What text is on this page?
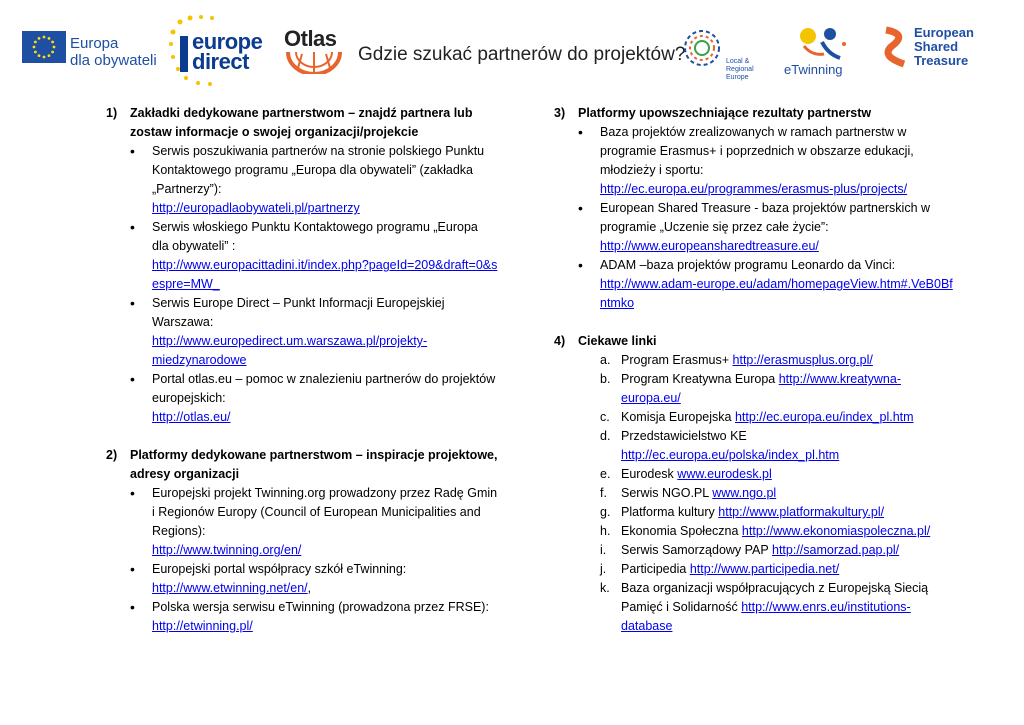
Europa
dla obywateli
europe
direct
Otlas
Gdzie szukać partnerów do projektów?	Local & Regional
Europe
eTwinning
European
Shared
Treasure
1) Zakładki dedykowane partnerstwom – znajdź partnera lub zostaw informacje o swojej organizacji/projekcie
• Serwis poszukiwania partnerów na stronie polskiego Punktu Kontaktowego programu „Europa dla obywateli” (zakładka „Partnerzy”):
http://europadlaobywateli.pl/partnerzy
• Serwis włoskiego Punktu Kontaktowego programu „Europa dla obywateli” :
http://www.europacittadini.it/index.php?pageId=209&draft=0&sespre=MW_
• Serwis Europe Direct – Punkt Informacji Europejskiej Warszawa:
http://www.europedirect.um.warszawa.pl/projekty-miedzynarodowe
• Portal otlas.eu – pomoc w znalezieniu partnerów do projektów europejskich:
http://otlas.eu/
2) Platformy dedykowane partnerstwom – inspiracje projektowe, adresy organizacji
• Europejski projekt Twinning.org prowadzony przez Radę Gmin i Regionów Europy (Council of European Municipalities and Regions):
http://www.twinning.org/en/
• Europejski portal współpracy szkół eTwinning:
http://www.etwinning.net/en/,
• Polska wersja serwisu eTwinning (prowadzona przez FRSE):
http://etwinning.pl/
3) Platformy upowszechniające rezultaty partnerstw
• Baza projektów zrealizowanych w ramach partnerstw w programie Erasmus+ i poprzednich w obszarze edukacji, młodzieży i sportu:
http://ec.europa.eu/programmes/erasmus-plus/projects/
• European Shared Treasure - baza projektów partnerskich w programie „Uczenie się przez całe życie”:
http://www.europeansharedtreasure.eu/
• ADAM –baza projektów programu Leonardo da Vinci:
http://www.adam-europe.eu/adam/homepageView.htm#.VeB0Bfntmko
4) Ciekawe linki
a. Program Erasmus+ http://erasmusplus.org.pl/
b. Program Kreatywna Europa http://www.kreatywna-europa.eu/
c. Komisja Europejska http://ec.europa.eu/index_pl.htm
d. Przedstawicielstwo KE
http://ec.europa.eu/polska/index_pl.htm
e. Eurodesk www.eurodesk.pl
f. Serwis NGO.PL www.ngo.pl
g. Platforma kultury http://www.platformakultury.pl/
h. Ekonomia Społeczna http://www.ekonomiaspoleczna.pl/
i. Serwis Samorządowy PAP http://samorzad.pap.pl/
j. Participedia http://www.participedia.net/
k. Baza organizacji współpracujących z Europejską Siecią Pamięć i Solidarność http://www.enrs.eu/institutions-database
